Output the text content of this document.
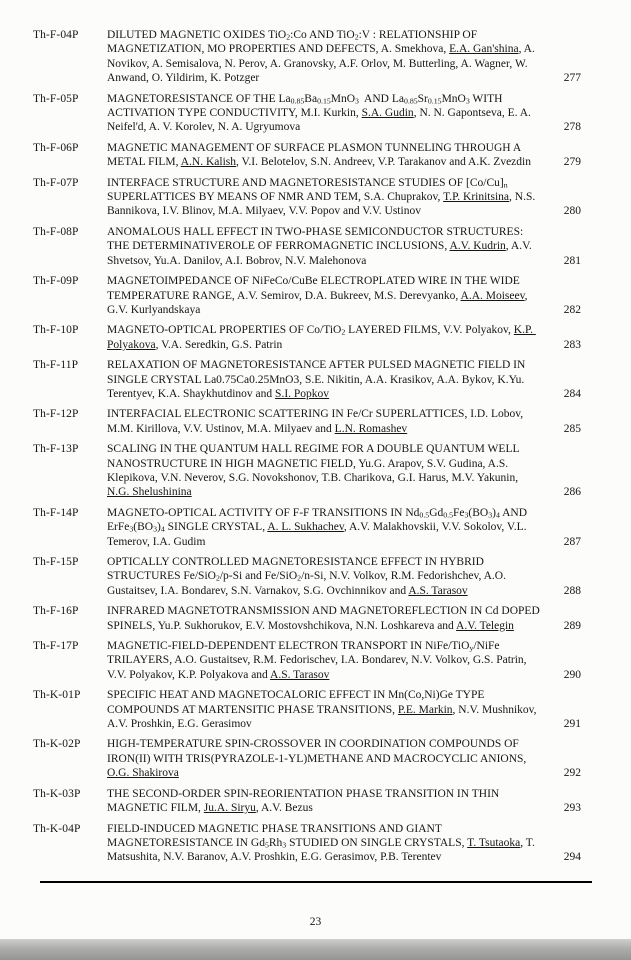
Th-F-04P	DILUTED MAGNETIC OXIDES TiO$_2$:Co AND TiO$_2$:V : RELATIONSHIP OF MAGNETIZATION, MO PROPERTIES AND DEFECTS, A. Smekhova, E.A. Gan'shina, A. Novikov, A. Semisalova, N. Perov, A. Granovsky, A.F. Orlov, M. Butterling, A. Wagner, W. Anwand, O. Yildirim, K. Potzger	277
Th-F-05P	MAGNETORESISTANCE OF THE $La_{0.85}Ba_{0.15}MnO_3$  AND $La_{0.85}Sr_{0.15}MnO_3$ WITH ACTIVATION TYPE CONDUCTIVITY, M.I. Kurkin, S.A. Gudin, N. N. Gapontseva, E. A. Neifel'd, A. V. Korolev, N. A. Ugryumova	278
Th-F-06P	MAGNETIC MANAGEMENT OF SURFACE PLASMON TUNNELING THROUGH A METAL FILM, A.N. Kalish, V.I. Belotelov, S.N. Andreev, V.P. Tarakanov and A.K. Zvezdin	279
Th-F-07P	INTERFACE STRUCTURE AND MAGNETORESISTANCE STUDIES OF $[Co/Cu]_n$ SUPERLATTICES BY MEANS OF NMR AND TEM, S.A. Chuprakov, T.P. Krinitsina, N.S. Bannikova, I.V. Blinov, M.A. Milyaev, V.V. Popov and V.V. Ustinov	280
Th-F-08P	ANOMALOUS HALL EFFECT IN TWO-PHASE SEMICONDUCTOR STRUCTURES: THE DETERMINATIVEROLE OF FERROMAGNETIC INCLUSIONS, A.V. Kudrin, A.V. Shvetsov, Yu.A. Danilov, A.I. Bobrov, N.V. Malehonova	281
Th-F-09P	MAGNETOIMPEDANCE OF NiFeCo/CuBe ELECTROPLATED WIRE IN THE WIDE TEMPERATURE RANGE, A.V. Semirov, D.A. Bukreev, M.S. Derevyanko, A.A. Moiseev, G.V. Kurlyandskaya	282
Th-F-10P	MAGNETO-OPTICAL PROPERTIES OF Co/TiO$_2$ LAYERED FILMS, V.V. Polyakov, K.P. Polyakova, V.A. Seredkin, G.S. Patrin	283
Th-F-11P	RELAXATION OF MAGNETORESISTANCE AFTER PULSED MAGNETIC FIELD IN SINGLE CRYSTAL La0.75Ca0.25MnO3, S.E. Nikitin, A.A. Krasikov, A.A. Bykov, K.Yu. Terentyev, K.A. Shaykhutdinov and S.I. Popkov	284
Th-F-12P	INTERFACIAL ELECTRONIC SCATTERING IN Fe/Cr SUPERLATTICES, I.D. Lobov, M.M. Kirillova, V.V. Ustinov, M.A. Milyaev and L.N. Romashev	285
Th-F-13P	SCALING IN THE QUANTUM HALL REGIME FOR A DOUBLE QUANTUM WELL NANOSTRUCTURE IN HIGH MAGNETIC FIELD, Yu.G. Arapov, S.V. Gudina, A.S. Klepikova, V.N. Neverov, S.G. Novokshonov, T.B. Charikova, G.I. Harus, M.V. Yakunin, N.G. Shelushinina	286
Th-F-14P	MAGNETO-OPTICAL ACTIVITY OF F-F TRANSITIONS IN $Nd_{0.5}Gd_{0.5}Fe_3(BO_3)_4$ AND $ErFe_3(BO_3)_4$ SINGLE CRYSTAL, A. L. Sukhachev, A.V. Malakhovskii, V.V. Sokolov, V.L. Temerov, I.A. Gudim	287
Th-F-15P	OPTICALLY CONTROLLED MAGNETORESISTANCE EFFECT IN HYBRID STRUCTURES Fe/SiO$_2$/p-Si and Fe/SiO$_2$/n-Si, N.V. Volkov, R.M. Fedorishchev, A.O. Gustaitsev, I.A. Bondarev, S.N. Varnakov, S.G. Ovchinnikov and A.S. Tarasov	288
Th-F-16P	INFRARED MAGNETOTRANSMISSION AND MAGNETOREFLECTION IN Cd DOPED SPINELS, Yu.P. Sukhorukov, E.V. Mostovshchikova, N.N. Loshkareva and A.V. Telegin	289
Th-F-17P	MAGNETIC-FIELD-DEPENDENT ELECTRON TRANSPORT IN NiFe/TiO$_y$/NiFe TRILAYERS, A.O. Gustaitsev, R.M. Fedorischev, I.A. Bondarev, N.V. Volkov, G.S. Patrin, V.V. Polyakov, K.P. Polyakova and A.S. Tarasov	290
Th-K-01P	SPECIFIC HEAT AND MAGNETOCALORIC EFFECT IN Mn(Co,Ni)Ge TYPE COMPOUNDS AT MARTENSITIC PHASE TRANSITIONS, P.E. Markin, N.V. Mushnikov, A.V. Proshkin, E.G. Gerasimov	291
Th-K-02P	HIGH-TEMPERATURE SPIN-CROSSOVER IN COORDINATION COMPOUNDS OF IRON(II) WITH TRIS(PYRAZOLE-1-YL)METHANE AND MACROCYCLIC ANIONS, O.G. Shakirova	292
Th-K-03P	THE SECOND-ORDER SPIN-REORIENTATION PHASE TRANSITION IN THIN MAGNETIC FILM, Ju.A. Siryu, A.V. Bezus	293
Th-K-04P	FIELD-INDUCED MAGNETIC PHASE TRANSITIONS AND GIANT MAGNETORESISTANCE IN $Gd_5Rh_3$ STUDIED ON SINGLE CRYSTALS, T. Tsutaoka, T. Matsushita, N.V. Baranov, A.V. Proshkin, E.G. Gerasimov, P.B. Terentev	294
23
